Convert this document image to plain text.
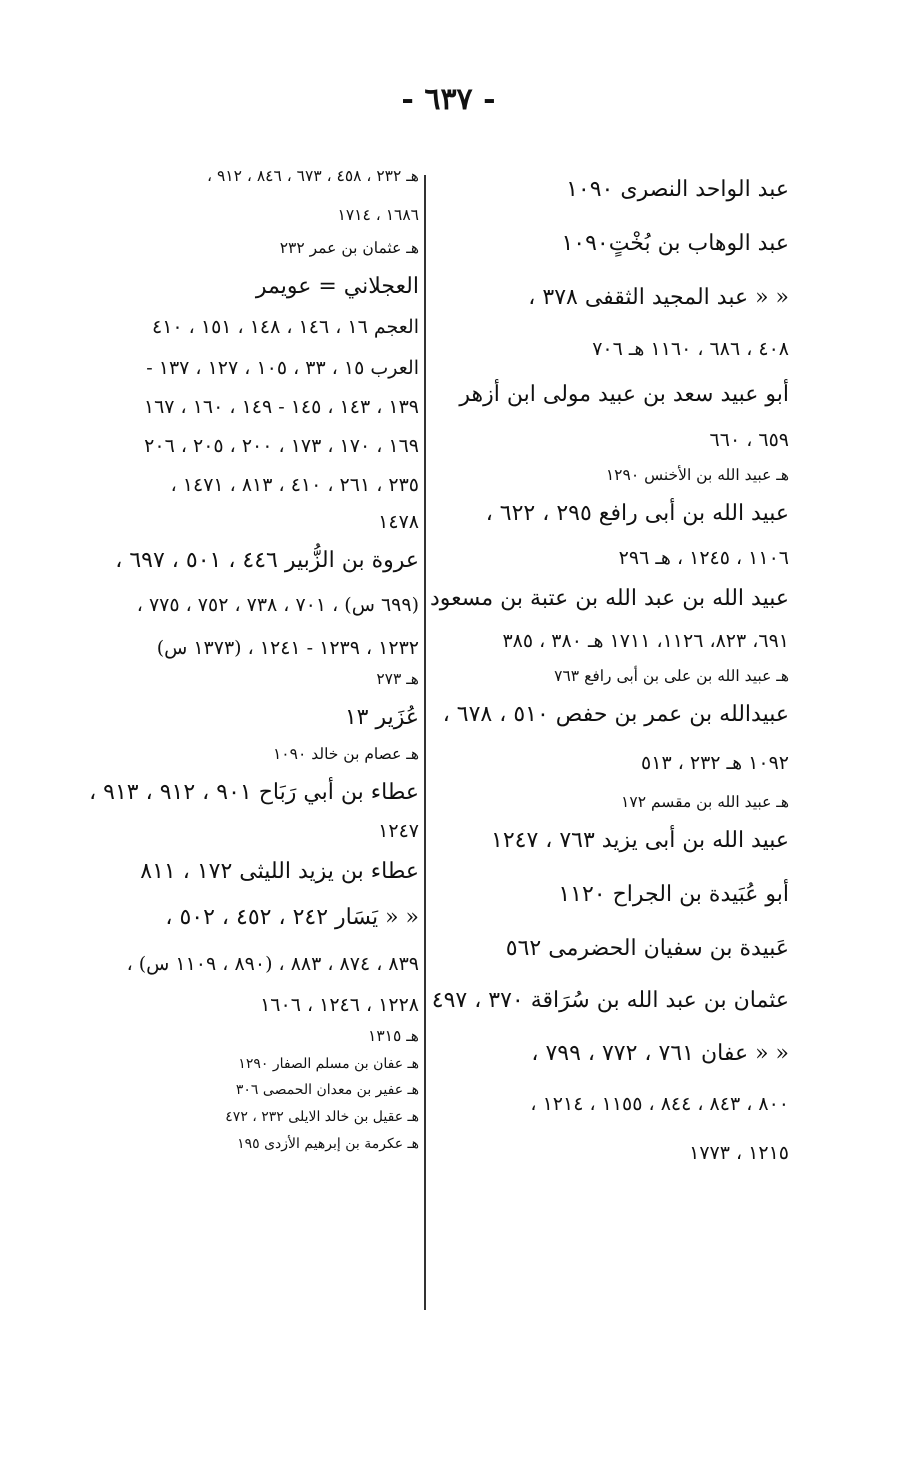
- ٦٣٧ -
عبد الواحد النصرى ١٠٩٠
عبد الوهاب بن بُخْتٍ١٠٩٠
« « عبد المجيد الثقفى ٣٧٨ ،
٤٠٨ ، ٦٨٦ ، ١١٦٠ هـ ٧٠٦
أبو عبيد سعد بن عبيد مولى ابن أزهر
٦٥٩ ، ٦٦٠
هـ عبيد الله بن الأخنس ١٢٩٠
عبيد الله بن أبى رافع ٢٩٥ ، ٦٢٢ ،
١١٠٦ ، ١٢٤٥ ، هـ ٢٩٦
عبيد الله بن عبد الله بن عتبة بن مسعود
٦٩١، ٨٢٣، ١١٢٦، ١٧١١ هـ ٣٨٠ ، ٣٨٥
هـ عبيد الله بن على بن أبى رافع ٧٦٣
عبيدالله بن عمر بن حفص ٥١٠ ، ٦٧٨ ،
١٠٩٢ هـ ٢٣٢ ، ٥١٣
هـ عبيد الله بن مقسم ١٧٢
عبيد الله بن أبى يزيد ٧٦٣ ، ١٢٤٧
أبو عُبَيدة بن الجراح ١١٢٠
عَبيدة بن سفيان الحضرمى ٥٦٢
عثمان بن عبد الله بن سُرَاقة ٣٧٠ ، ٤٩٧
« « عفان ٧٦١ ، ٧٧٢ ، ٧٩٩ ،
٨٠٠ ، ٨٤٣ ، ٨٤٤ ، ١١٥٥ ، ١٢١٤ ،
١٢١٥ ، ١٧٧٣
هـ ٢٣٢ ، ٤٥٨ ، ٦٧٣ ، ٨٤٦ ، ٩١٢ ،
١٦٨٦ ، ١٧١٤
هـ عثمان بن عمر ٢٣٢
العجلاني = عويمر
العجم ١٦ ، ١٤٦ ، ١٤٨ ، ١٥١ ، ٤١٠
العرب ١٥ ، ٣٣ ، ١٠٥ ، ١٢٧ ، ١٣٧ -
١٣٩ ، ١٤٣ ، ١٤٥ - ١٤٩ ، ١٦٠ ، ١٦٧
١٦٩ ، ١٧٠ ، ١٧٣ ، ٢٠٠ ، ٢٠٥ ، ٢٠٦
٢٣٥ ، ٢٦١ ، ٤١٠ ، ٨١٣ ، ١٤٧١ ،
١٤٧٨
عروة بن الزُّبير ٤٤٦ ، ٥٠١ ، ٦٩٧ ،
(٦٩٩ س) ، ٧٠١ ، ٧٣٨ ، ٧٥٢ ، ٧٧٥ ،
١٢٣٢ ، ١٢٣٩ - ١٢٤١ ، (١٣٧٣ س)
هـ ٢٧٣
عُزَير ١٣
هـ عصام بن خالد ١٠٩٠
عطاء بن أبي رَبَاح ٩٠١ ، ٩١٢ ، ٩١٣ ،
١٢٤٧
عطاء بن يزيد الليثى ١٧٢ ، ٨١١
« « يَسَار ٢٤٢ ، ٤٥٢ ، ٥٠٢ ،
٨٣٩ ، ٨٧٤ ، ٨٨٣ ، (٨٩٠ ، ١١٠٩ س) ،
١٢٢٨ ، ١٢٤٦ ، ١٦٠٦
هـ ١٣١٥
هـ عفان بن مسلم الصفار ١٢٩٠
هـ عفير بن معدان الحمصى ٣٠٦
هـ عقيل بن خالد الايلى ٢٣٢ ، ٤٧٢
هـ عكرمة بن إبرهيم الأزدى ١٩٥
